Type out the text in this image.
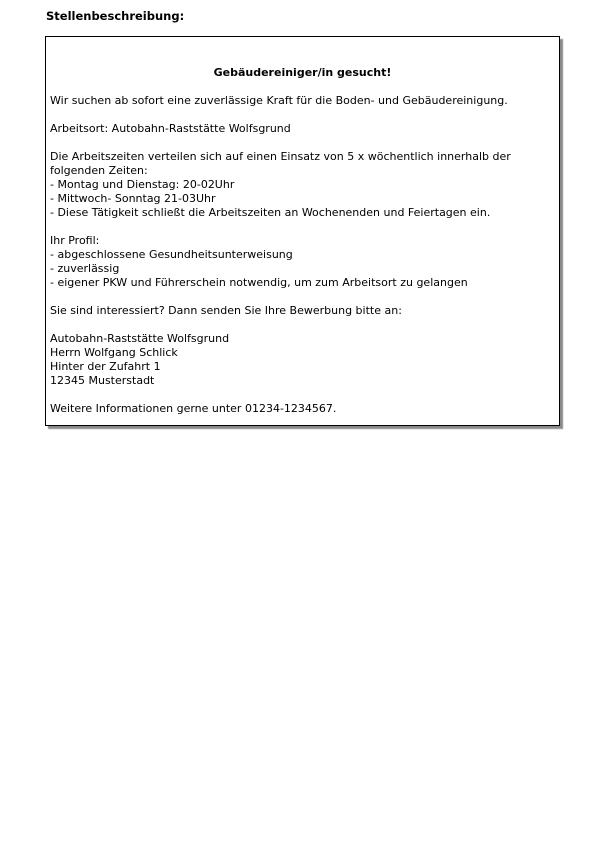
Stellenbeschreibung:
Gebäudereiniger/in gesucht!
Wir suchen ab sofort eine zuverlässige Kraft für die Boden- und Gebäudereinigung.
Arbeitsort: Autobahn-Raststätte Wolfsgrund
Die Arbeitszeiten verteilen sich auf einen Einsatz von 5 x wöchentlich innerhalb der folgenden Zeiten:
- Montag und Dienstag: 20-02Uhr
- Mittwoch- Sonntag 21-03Uhr
- Diese Tätigkeit schließt die Arbeitszeiten an Wochenenden und Feiertagen ein.
Ihr Profil:
- abgeschlossene Gesundheitsunterweisung
- zuverlässig
- eigener PKW und Führerschein notwendig, um zum Arbeitsort zu gelangen
Sie sind interessiert? Dann senden Sie Ihre Bewerbung bitte an:
Autobahn-Raststätte Wolfsgrund
Herrn Wolfgang Schlick
Hinter der Zufahrt 1
12345 Musterstadt
Weitere Informationen gerne unter 01234-1234567.
